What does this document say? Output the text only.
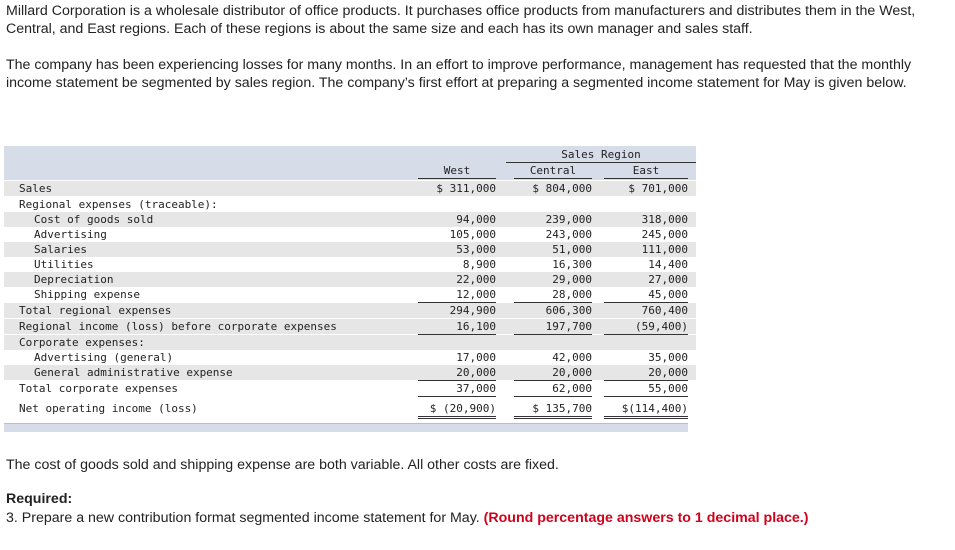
Millard Corporation is a wholesale distributor of office products. It purchases office products from manufacturers and distributes them in the West, Central, and East regions. Each of these regions is about the same size and each has its own manager and sales staff.

The company has been experiencing losses for many months. In an effort to improve performance, management has requested that the monthly income statement be segmented by sales region. The company’s first effort at preparing a segmented income statement for May is given below.

Sales Region
West	Central	East
Sales	$ 311,000	$ 804,000	$ 701,000
Regional expenses (traceable):
Cost of goods sold	94,000	239,000	318,000
Advertising	105,000	243,000	245,000
Salaries	53,000	51,000	111,000
Utilities	8,900	16,300	14,400
Depreciation	22,000	29,000	27,000
Shipping expense	12,000	28,000	45,000
Total regional expenses	294,900	606,300	760,400
Regional income (loss) before corporate expenses	16,100	197,700	(59,400)
Corporate expenses:
Advertising (general)	17,000	42,000	35,000
General administrative expense	20,000	20,000	20,000
Total corporate expenses	37,000	62,000	55,000
Net operating income (loss)	$ (20,900)	$ 135,700	$(114,400)

The cost of goods sold and shipping expense are both variable. All other costs are fixed.

Required:

3. Prepare a new contribution format segmented income statement for May. (Round percentage answers to 1 decimal place.)
